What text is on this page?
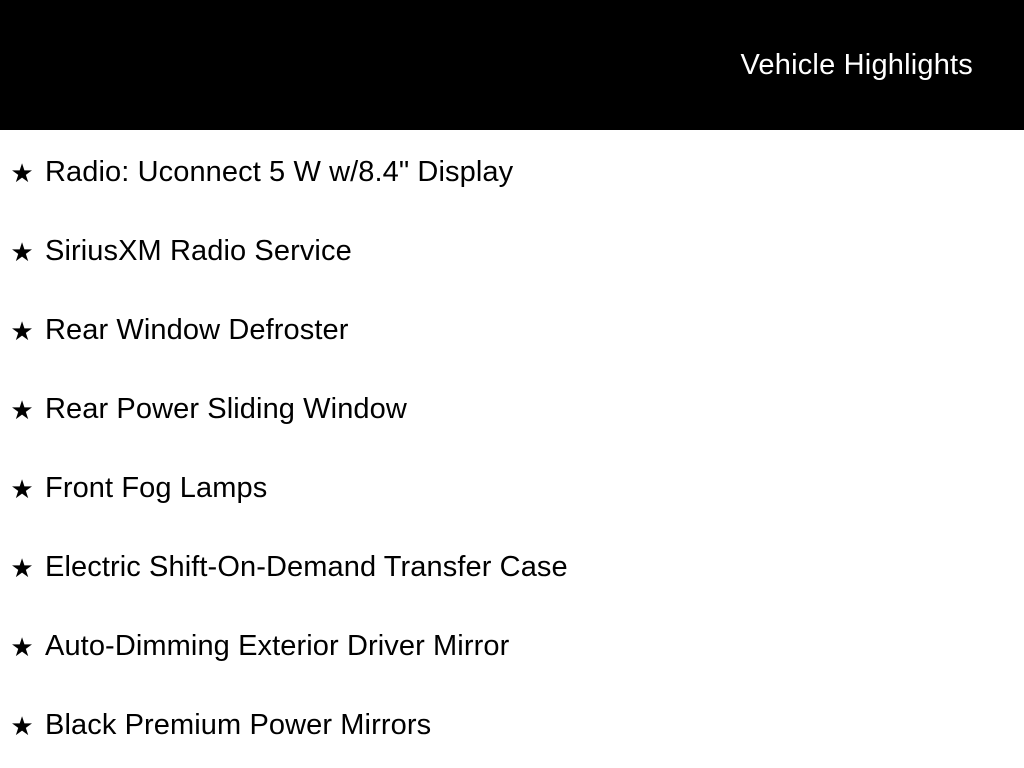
Vehicle Highlights
★ Radio: Uconnect 5 W w/8.4" Display
★ SiriusXM Radio Service
★ Rear Window Defroster
★ Rear Power Sliding Window
★ Front Fog Lamps
★ Electric Shift-On-Demand Transfer Case
★ Auto-Dimming Exterior Driver Mirror
★ Black Premium Power Mirrors
